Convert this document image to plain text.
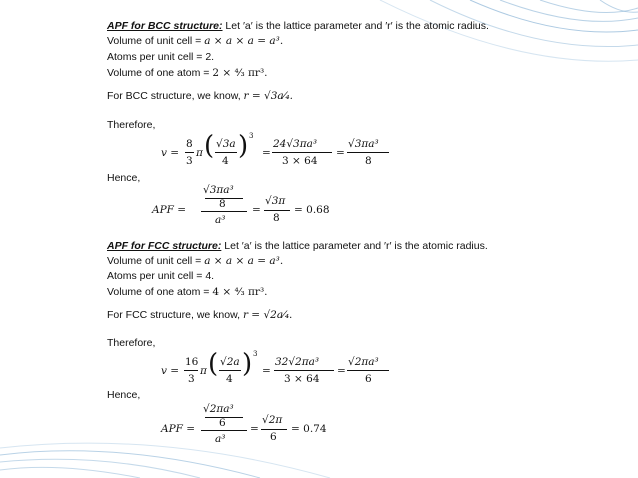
APF for BCC structure: Let ′a′ is the lattice parameter and ′r′ is the atomic radius.
Volume of unit cell = a × a × a = a³.
Atoms per unit cell = 2.
Volume of one atom = 2 × ⁴⁄₃ πr³.
For BCC structure, we know, r = √3a⁄₄.
Therefore,
v =
8
3
π ( √3a
4 ) 3
=
24√3πa³
3 × 64
=
√3πa³
8
Hence,
APF =
√3πa³
8
a³
=
√3π
8
= 0.68
APF for FCC structure: Let ′a′ is the lattice parameter and ′r′ is the atomic radius.
Volume of unit cell = a × a × a = a³.
Atoms per unit cell = 4.
Volume of one atom = 4 × ⁴⁄₃ πr³.
For FCC structure, we know, r = √2a⁄₄.
Therefore,
v =
16
3
π ( √2a
4 ) 3
=
32√2πa³
3 × 64
=
√2πa³
6
Hence,
APF =
√2πa³
6
a³
=
√2π
6
= 0.74
